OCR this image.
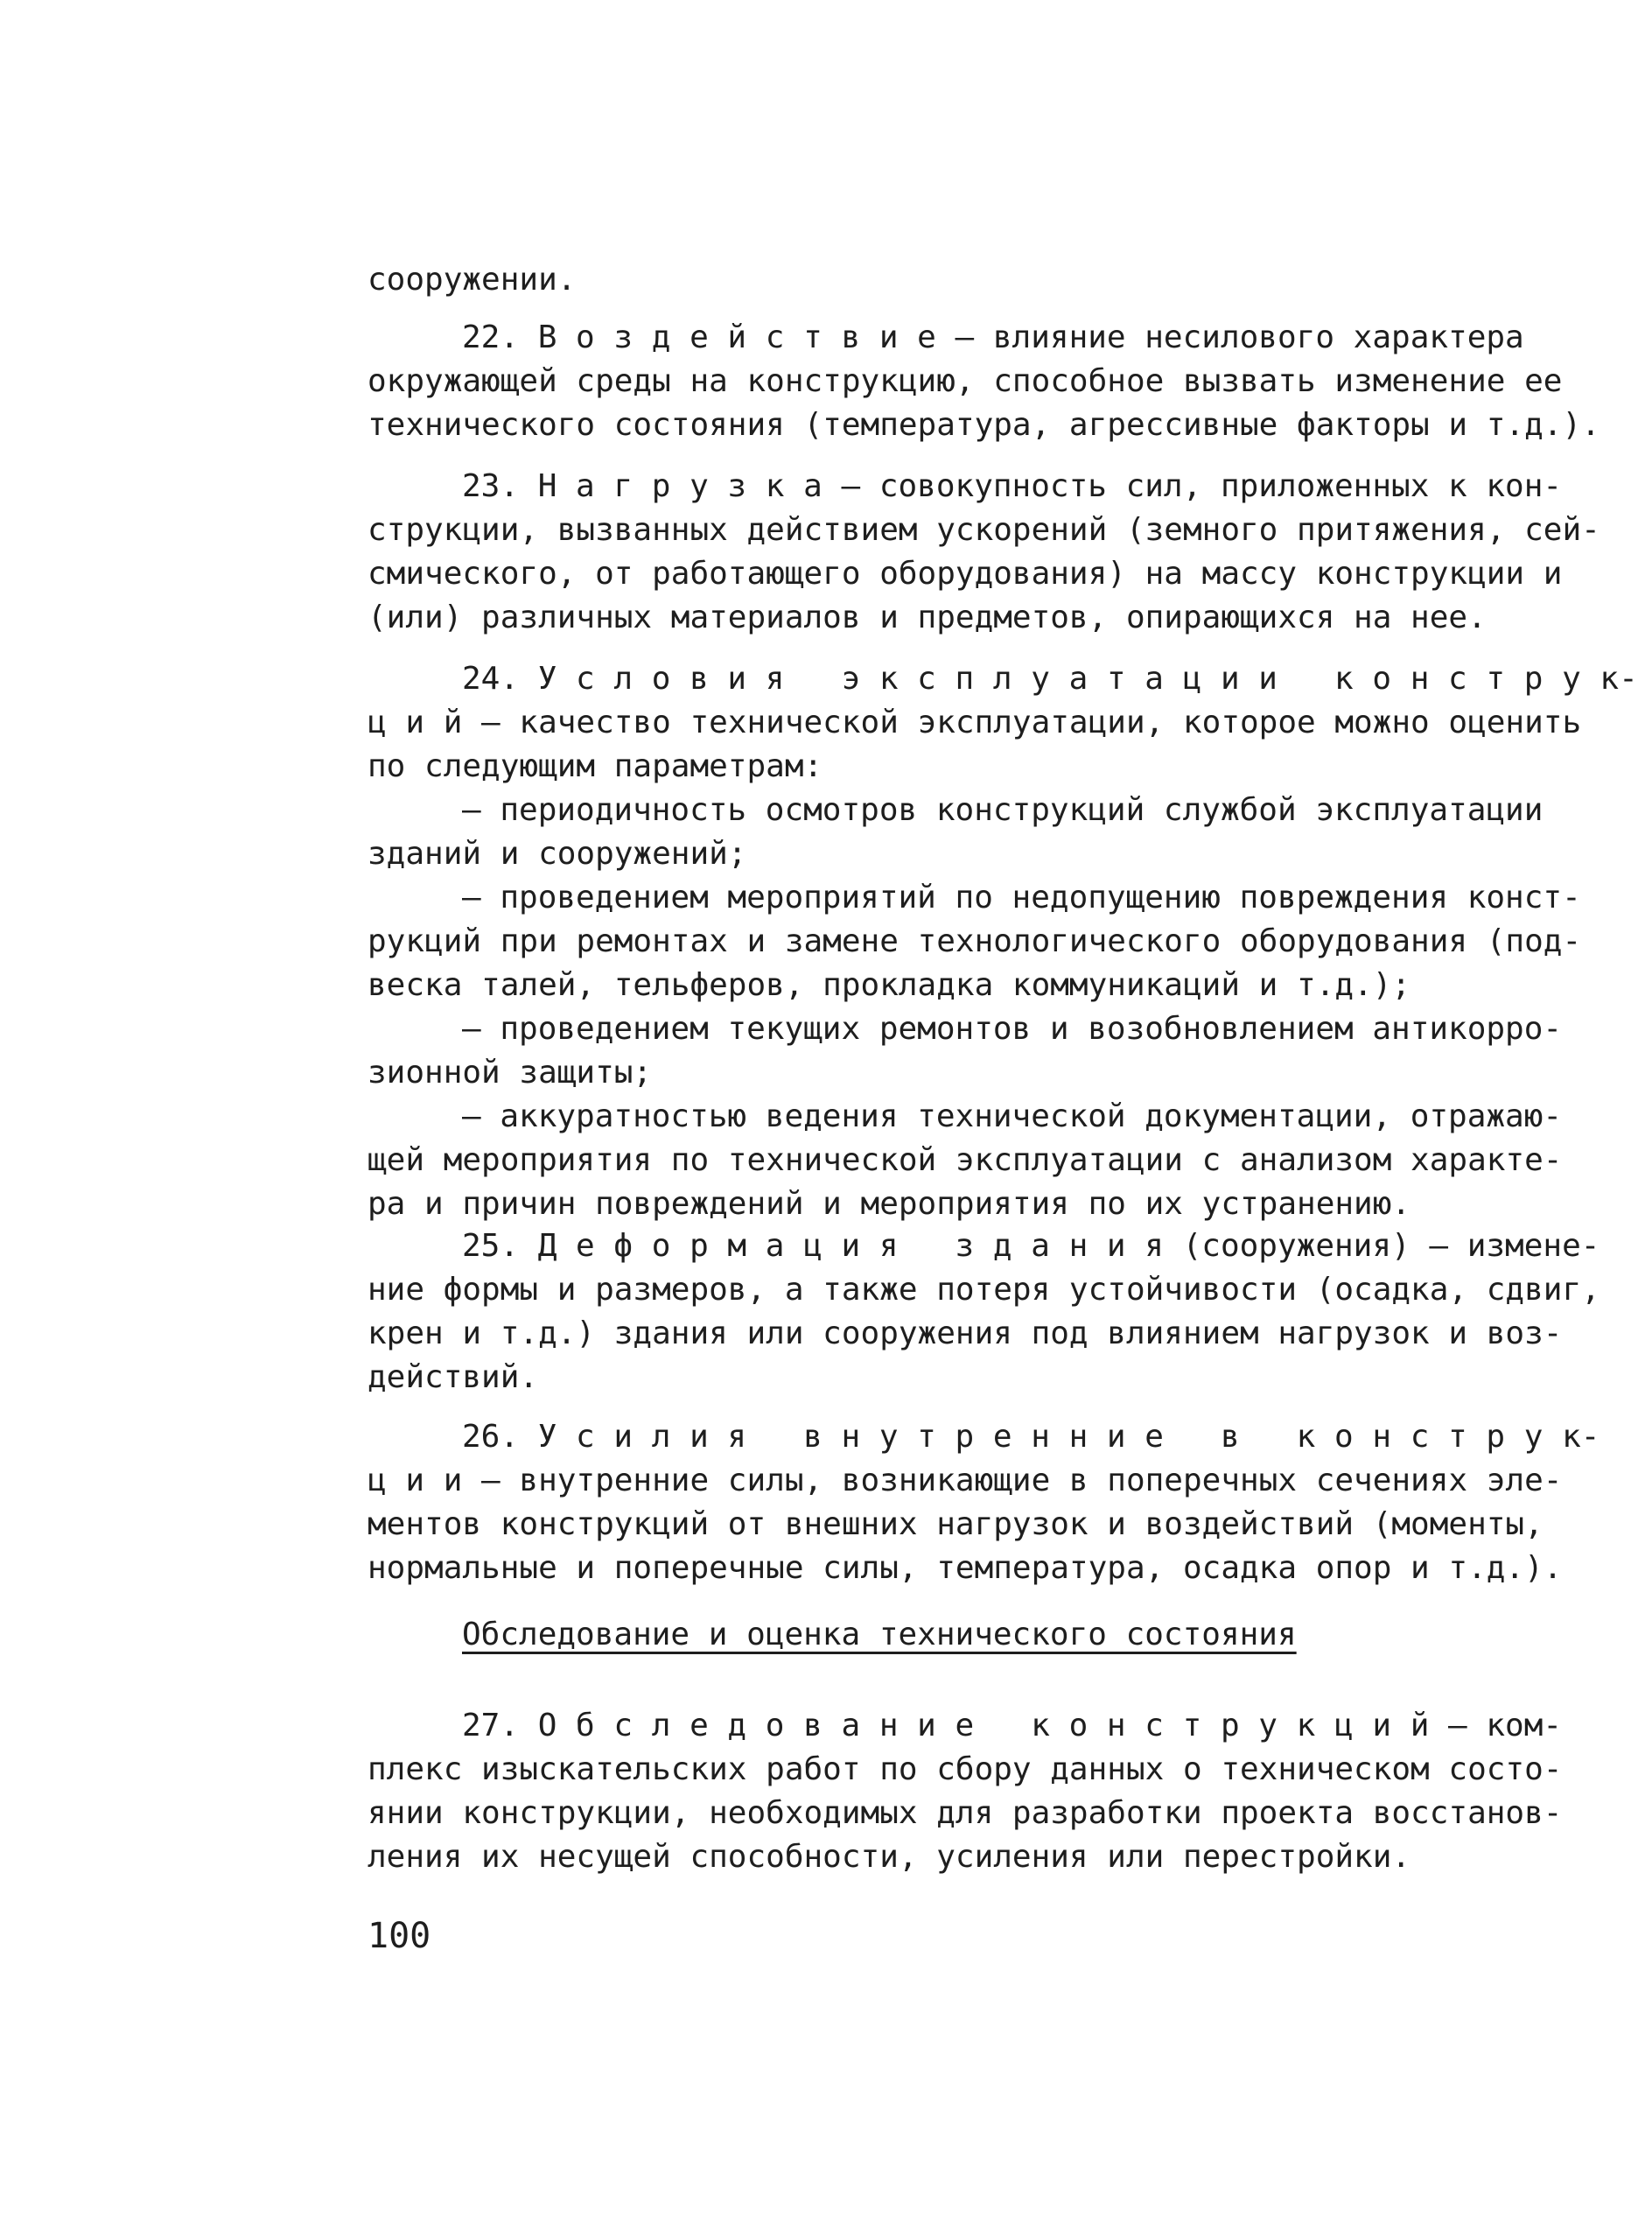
сооружении.

22. В о з д е й с т в и е – влияние несилового характера

окружающей среды на конструкцию, способное вызвать изменение ее

технического состояния (температура, агрессивные факторы и т.д.).

23. Н а г р у з к а – совокупность сил, приложенных к кон-

струкции, вызванных действием ускорений (земного притяжения, сей-

смического, от работающего оборудования) на массу конструкции и

(или) различных материалов и предметов, опирающихся на нее.

24. У с л о в и я   э к с п л у а т а ц и и   к о н с т р у к-

ц и й – качество технической эксплуатации, которое можно оценить

по следующим параметрам:

– периодичность осмотров конструкций службой эксплуатации

зданий и сооружений;

– проведением мероприятий по недопущению повреждения конст-

рукций при ремонтах и замене технологического оборудования (под-

веска талей, тельферов, прокладка коммуникаций и т.д.);

– проведением текущих ремонтов и возобновлением антикорро-

зионной защиты;

– аккуратностью ведения технической документации, отражаю-

щей мероприятия по технической эксплуатации с анализом характе-

ра и причин повреждений и мероприятия по их устранению.

25. Д е ф о р м а ц и я   з д а н и я (сооружения) – измене-

ние формы и размеров, а также потеря устойчивости (осадка, сдвиг,

крен и т.д.) здания или сооружения под влиянием нагрузок и воз-

действий.

26. У с и л и я   в н у т р е н н и е   в   к о н с т р у к-

ц и и – внутренние силы, возникающие в поперечных сечениях эле-

ментов конструкций от внешних нагрузок и воздействий (моменты,

нормальные и поперечные силы, температура, осадка опор и т.д.).

Обследование и оценка технического состояния

27. О б с л е д о в а н и е   к о н с т р у к ц и й – ком-

плекс изыскательских работ по сбору данных о техническом состо-

янии конструкции, необходимых для разработки проекта восстанов-

ления их несущей способности, усиления или перестройки.

100
